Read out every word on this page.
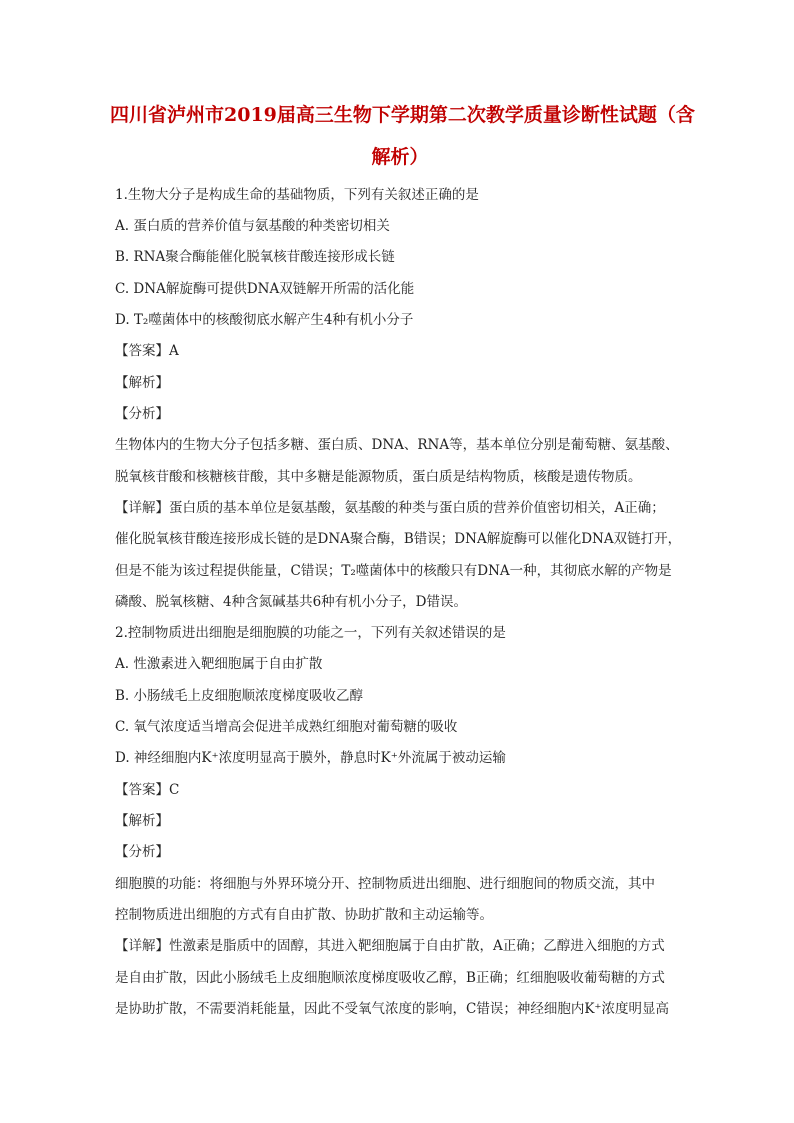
四川省泸州市2019届高三生物下学期第二次教学质量诊断性试题（含
解析）
1.生物大分子是构成生命的基础物质，下列有关叙述正确的是
A. 蛋白质的营养价值与氨基酸的种类密切相关
B. RNA聚合酶能催化脱氧核苷酸连接形成长链
C. DNA解旋酶可提供DNA双链解开所需的活化能
D. T₂噬菌体中的核酸彻底水解产生4种有机小分子
【答案】A
【解析】
【分析】
生物体内的生物大分子包括多糖、蛋白质、DNA、RNA等，基本单位分别是葡萄糖、氨基酸、
脱氧核苷酸和核糖核苷酸，其中多糖是能源物质，蛋白质是结构物质，核酸是遗传物质。
【详解】蛋白质的基本单位是氨基酸，氨基酸的种类与蛋白质的营养价值密切相关，A正确；
催化脱氧核苷酸连接形成长链的是DNA聚合酶，B错误；DNA解旋酶可以催化DNA双链打开，
但是不能为该过程提供能量，C错误；T₂噬菌体中的核酸只有DNA一种，其彻底水解的产物是
磷酸、脱氧核糖、4种含氮碱基共6种有机小分子，D错误。
2.控制物质进出细胞是细胞膜的功能之一，下列有关叙述错误的是
A. 性激素进入靶细胞属于自由扩散
B. 小肠绒毛上皮细胞顺浓度梯度吸收乙醇
C. 氧气浓度适当增高会促进羊成熟红细胞对葡萄糖的吸收
D. 神经细胞内K⁺浓度明显高于膜外，静息时K⁺外流属于被动运输
【答案】C
【解析】
【分析】
细胞膜的功能：将细胞与外界环境分开、控制物质进出细胞、进行细胞间的物质交流，其中
控制物质进出细胞的方式有自由扩散、协助扩散和主动运输等。
【详解】性激素是脂质中的固醇，其进入靶细胞属于自由扩散，A正确；乙醇进入细胞的方式
是自由扩散，因此小肠绒毛上皮细胞顺浓度梯度吸收乙醇，B正确；红细胞吸收葡萄糖的方式
是协助扩散，不需要消耗能量，因此不受氧气浓度的影响，C错误；神经细胞内K⁺浓度明显高
